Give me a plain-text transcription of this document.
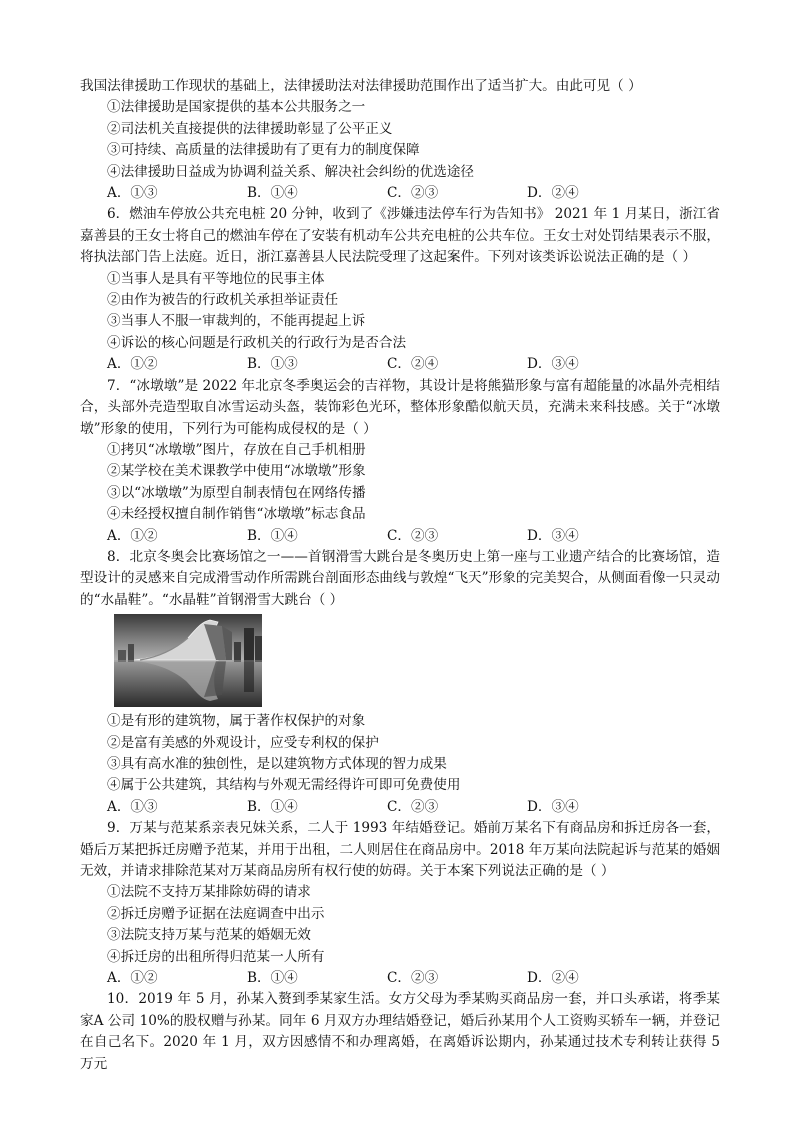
我国法律援助工作现状的基础上，法律援助法对法律援助范围作出了适当扩大。由此可见（ ）

①法律援助是国家提供的基本公共服务之一

②司法机关直接提供的法律援助彰显了公平正义

③可持续、高质量的法律援助有了更有力的制度保障

④法律援助日益成为协调利益关系、解决社会纠纷的优选途径

A．①③	B．①④	C．②③	D．②④

6．燃油车停放公共充电桩 20 分钟，收到了《涉嫌违法停车行为告知书》 2021 年 1 月某日，浙江省嘉善县的王女士将自己的燃油车停在了安装有机动车公共充电桩的公共车位。王女士对处罚结果表示不服，将执法部门告上法庭。近日，浙江嘉善县人民法院受理了这起案件。下列对该类诉讼说法正确的是（ ）

①当事人是具有平等地位的民事主体

②由作为被告的行政机关承担举证责任

③当事人不服一审裁判的，不能再提起上诉

④诉讼的核心问题是行政机关的行政行为是否合法

A．①②	B．①③	C．②④	D．③④

7．“冰墩墩”是 2022 年北京冬季奥运会的吉祥物，其设计是将熊猫形象与富有超能量的冰晶外壳相结合，头部外壳造型取自冰雪运动头盔，装饰彩色光环，整体形象酷似航天员，充满未来科技感。关于“冰墩墩”形象的使用，下列行为可能构成侵权的是（ ）

①拷贝“冰墩墩”图片，存放在自己手机相册

②某学校在美术课教学中使用“冰墩墩”形象

③以“冰墩墩”为原型自制表情包在网络传播

④未经授权擅自制作销售“冰墩墩”标志食品

A．①②	B．①④	C．②③	D．③④

8．北京冬奥会比赛场馆之一——首钢滑雪大跳台是冬奥历史上第一座与工业遗产结合的比赛场馆，造型设计的灵感来自完成滑雪动作所需跳台剖面形态曲线与敦煌“飞天”形象的完美契合，从侧面看像一只灵动的“水晶鞋”。“水晶鞋”首钢滑雪大跳台（ ）

①是有形的建筑物，属于著作权保护的对象

②是富有美感的外观设计，应受专利权的保护

③具有高水准的独创性，是以建筑物方式体现的智力成果

④属于公共建筑，其结构与外观无需经得许可即可免费使用

A．①③	B．①④	C．②③	D．③④

9．万某与范某系亲表兄妹关系，二人于 1993 年结婚登记。婚前万某名下有商品房和拆迁房各一套，婚后万某把拆迁房赠予范某，并用于出租，二人则居住在商品房中。2018 年万某向法院起诉与范某的婚姻无效，并请求排除范某对万某商品房所有权行使的妨碍。关于本案下列说法正确的是（ ）

①法院不支持万某排除妨碍的请求

②拆迁房赠予证据在法庭调查中出示

③法院支持万某与范某的婚姻无效

④拆迁房的出租所得归范某一人所有

A．①②	B．①④	C．②③	D．②④

10．2019 年 5 月，孙某入赘到季某家生活。女方父母为季某购买商品房一套，并口头承诺，将季某家A 公司 10%的股权赠与孙某。同年 6 月双方办理结婚登记，婚后孙某用个人工资购买轿车一辆，并登记在自己名下。2020 年 1 月，双方因感情不和办理离婚，在离婚诉讼期内，孙某通过技术专利转让获得 5 万元
